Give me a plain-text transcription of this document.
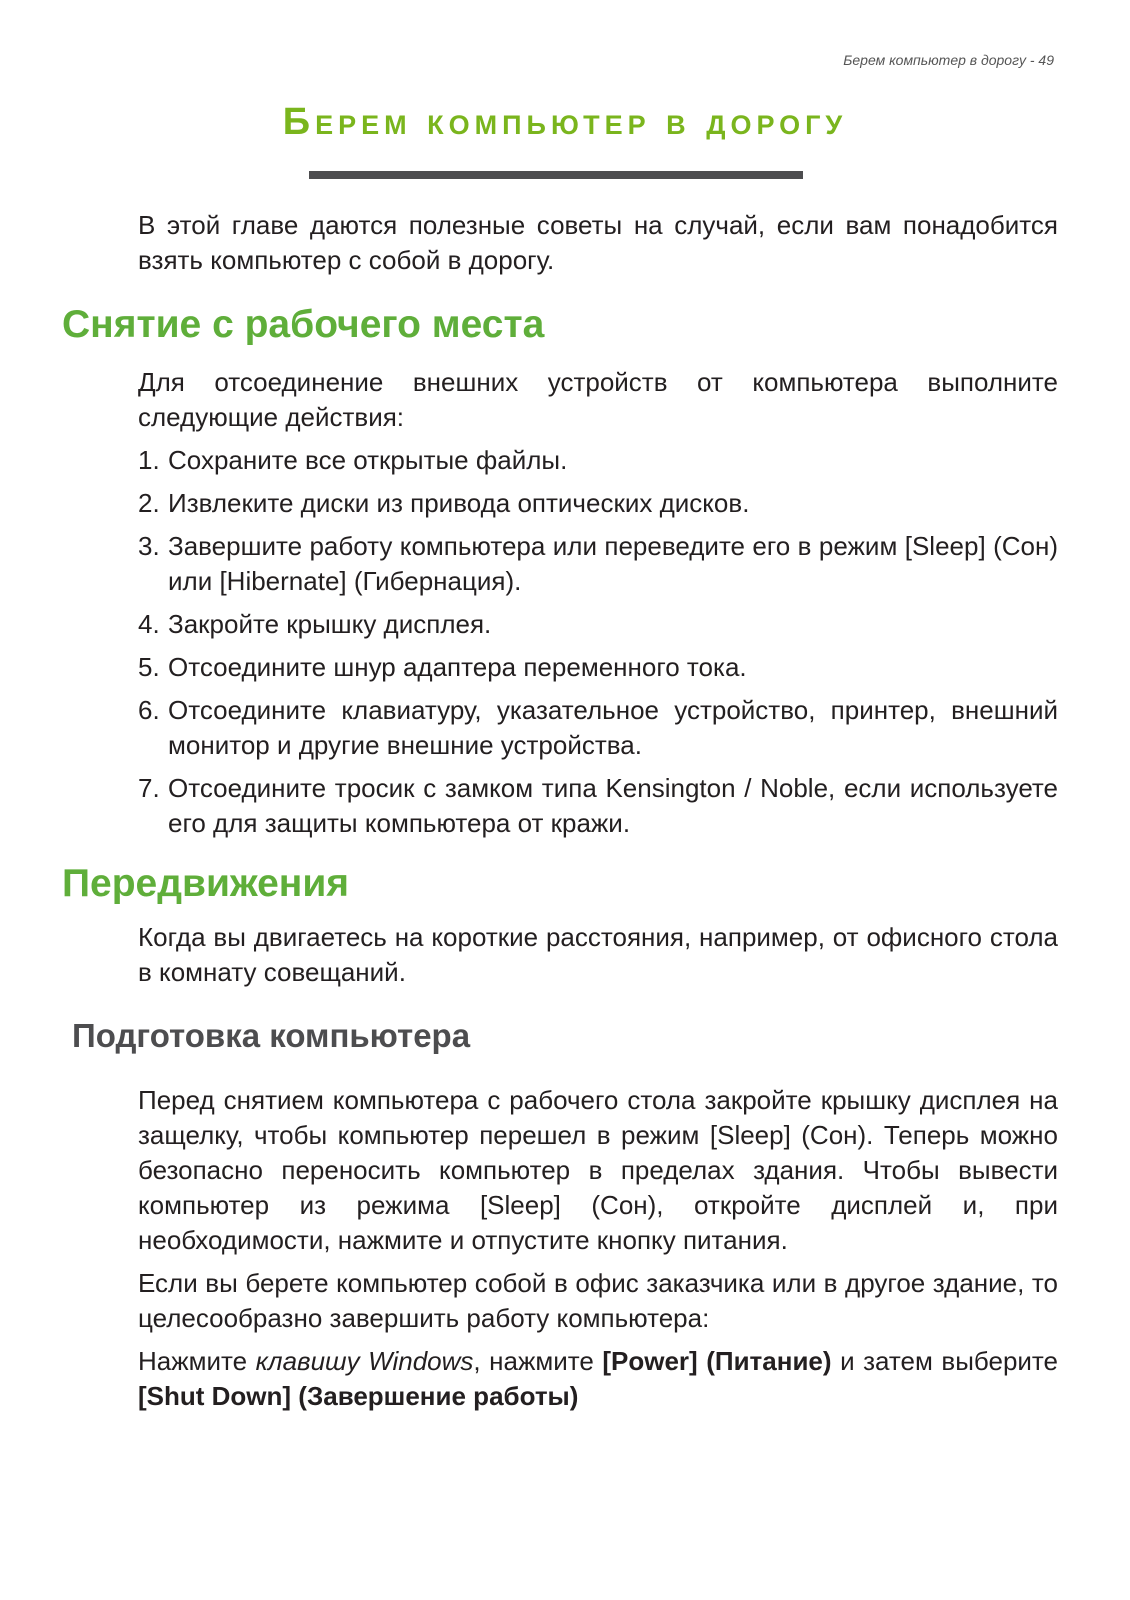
Берем компьютер в дорогу - 49
Берем компьютер в дорогу

В этой главе даются полезные советы на случай, если вам понадобится взять компьютер с собой в дорогу.

Снятие с рабочего места

Для отсоединение внешних устройств от компьютера выполните следующие действия:

1. Сохраните все открытые файлы.
2. Извлеките диски из привода оптических дисков.
3. Завершите работу компьютера или переведите его в режим [Sleep] (Сон) или [Hibernate] (Гибернация).
4. Закройте крышку дисплея.
5. Отсоедините шнур адаптера переменного тока.
6. Отсоедините клавиатуру, указательное устройство, принтер, внешний монитор и другие внешние устройства.
7. Отсоедините тросик с замком типа Kensington / Noble, если используете его для защиты компьютера от кражи.
Передвижения

Когда вы двигаетесь на короткие расстояния, например, от офисного стола в комнату совещаний.

Подготовка компьютера

Перед снятием компьютера с рабочего стола закройте крышку дисплея на защелку, чтобы компьютер перешел в режим [Sleep] (Сон). Теперь можно безопасно переносить компьютер в пределах здания. Чтобы вывести компьютер из режима [Sleep] (Сон), откройте дисплей и, при необходимости, нажмите и отпустите кнопку питания.

Если вы берете компьютер собой в офис заказчика или в другое здание, то целесообразно завершить работу компьютера:

Нажмите клавишу Windows, нажмите [Power] (Питание) и затем выберите [Shut Down] (Завершение работы)
